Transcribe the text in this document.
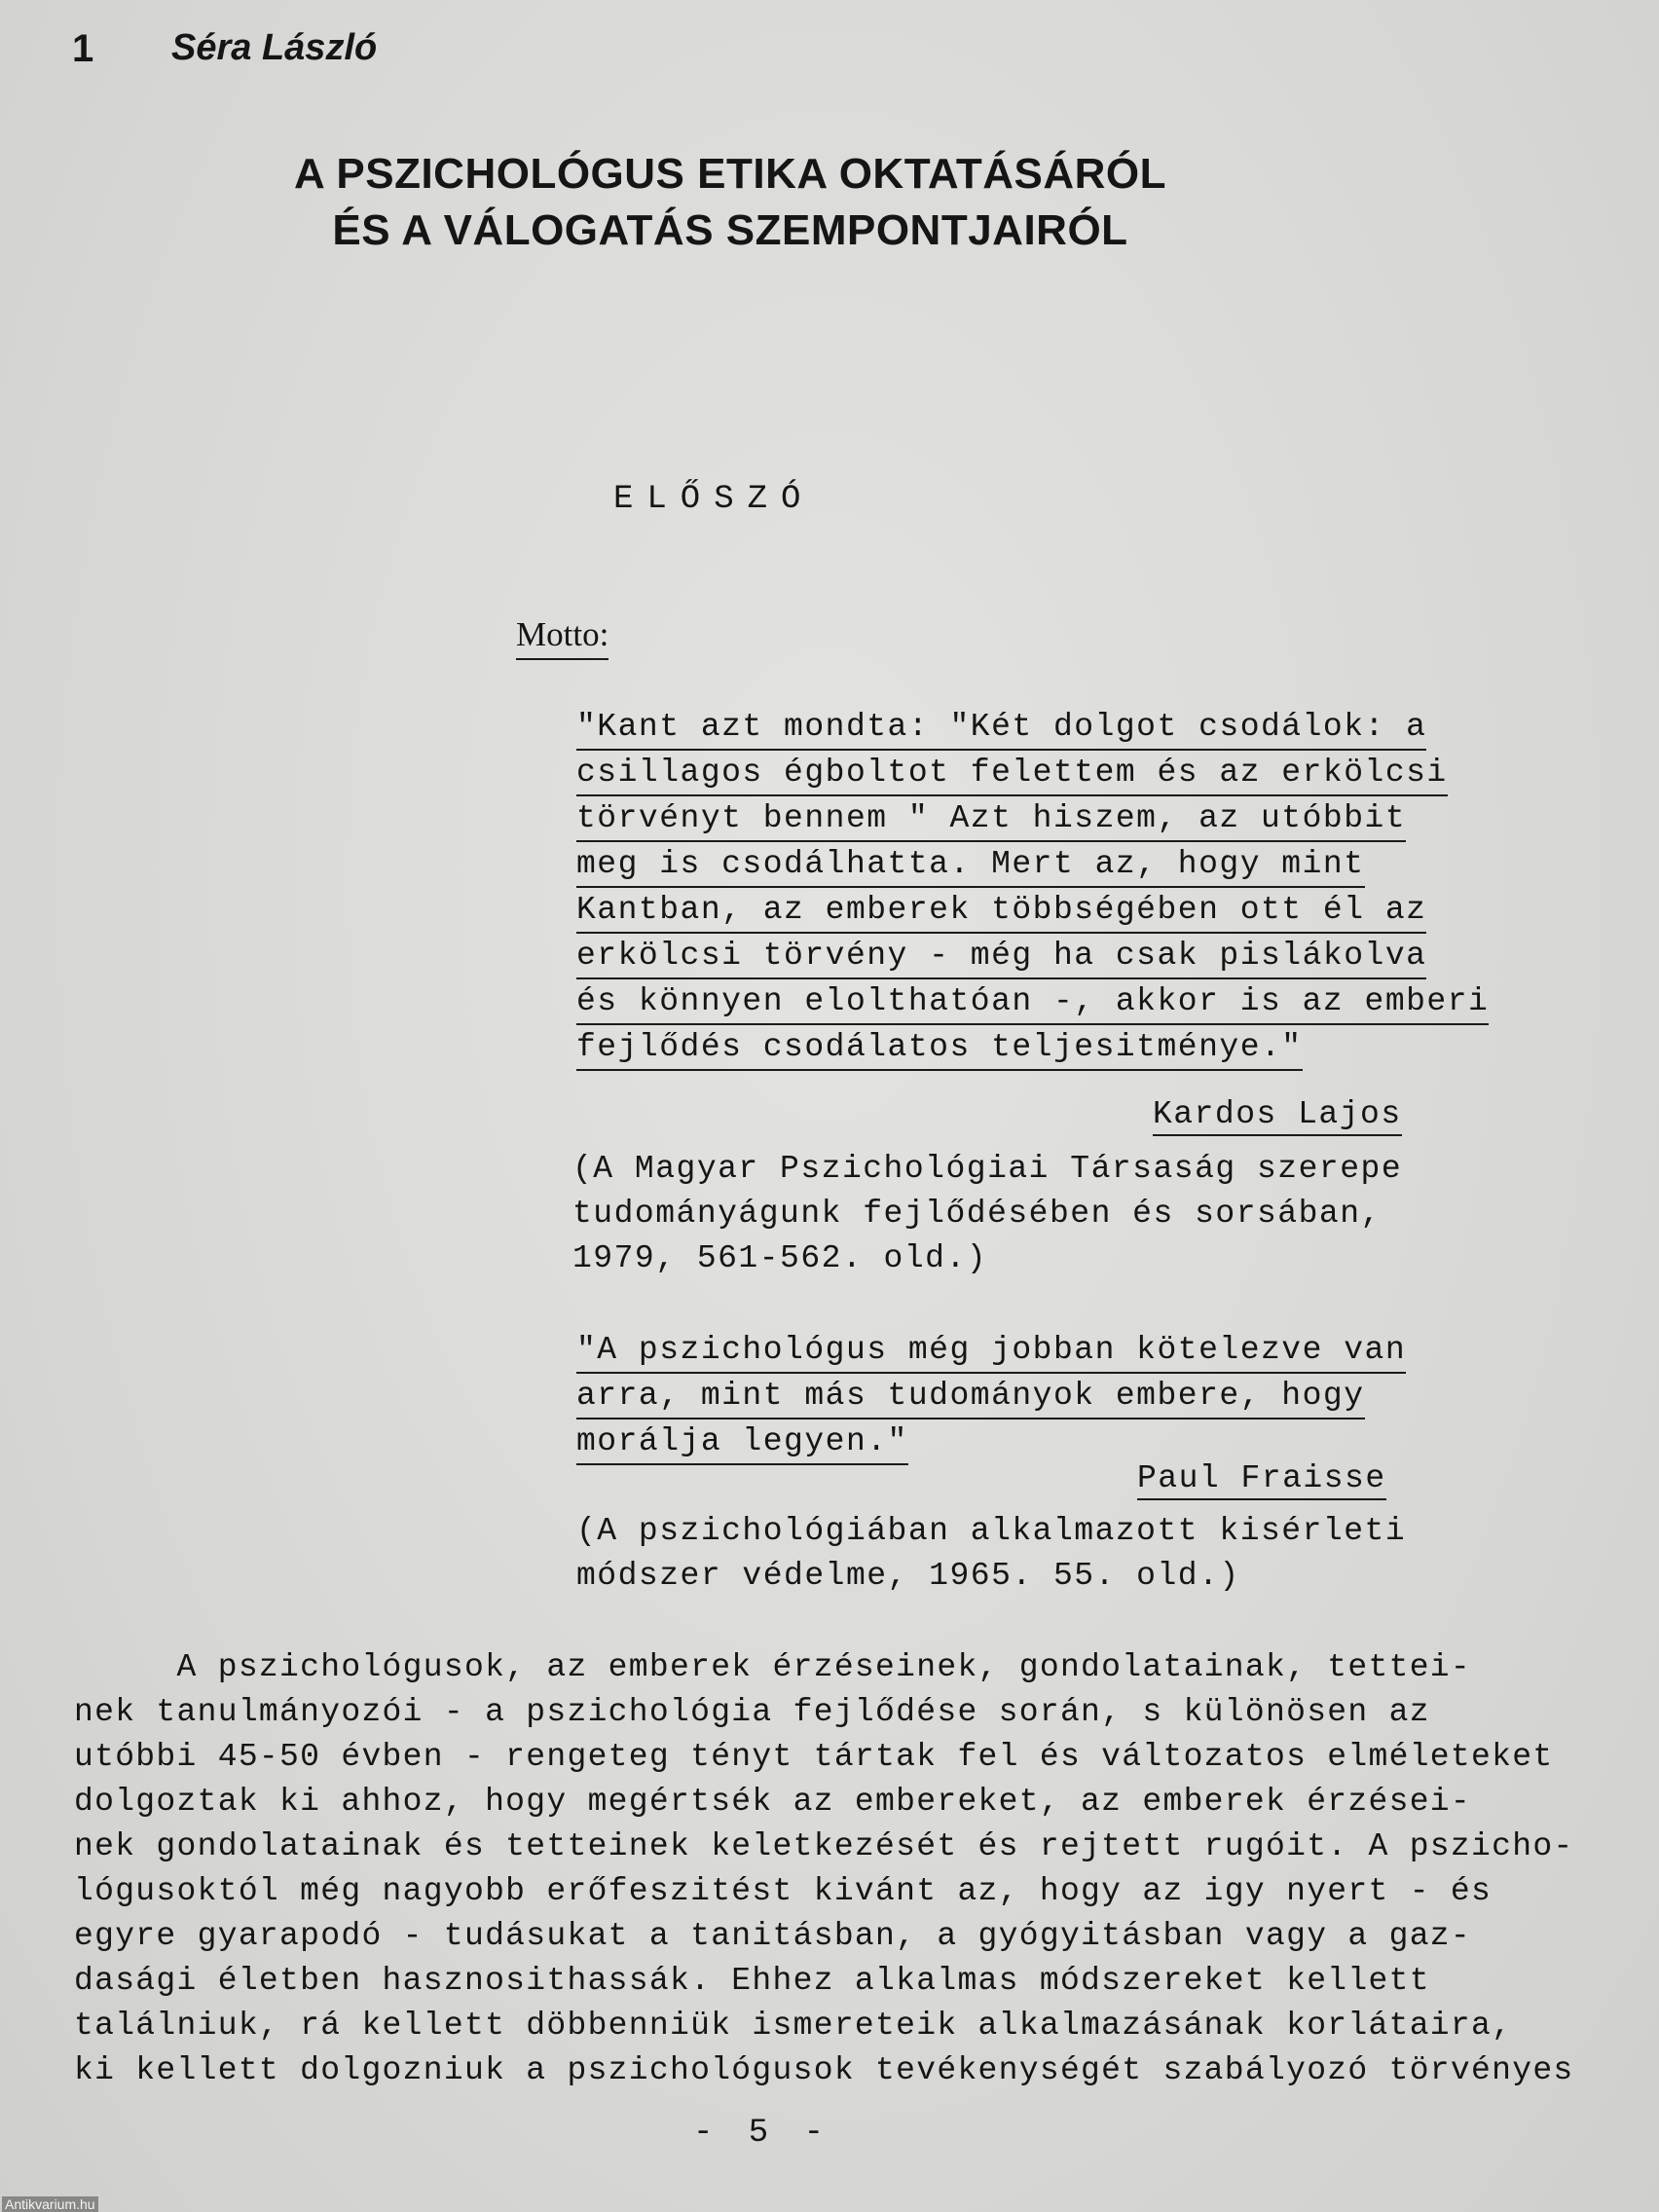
1 Séra László
A PSZICHOLÓGUS ETIKA OKTATÁSÁRÓL
ÉS A VÁLOGATÁS SZEMPONTJAIRÓL
ELŐSZÓ
Motto:
"Kant azt mondta: "Két dolgot csodálok: a
csillagos égboltot felettem és az erkölcsi
törvényt bennem " Azt hiszem, az utóbbit
meg is csodálhatta. Mert az, hogy mint
Kantban, az emberek többségében ott él az
erkölcsi törvény - még ha csak pislákolva
és könnyen elolthatóan -, akkor is az emberi
fejlődés csodálatos teljesitménye."
Kardos Lajos
(A Magyar Pszichológiai Társaság szerepe
tudományágunk fejlődésében és sorsában,
1979, 561-562. old.)
"A pszichológus még jobban kötelezve van
arra, mint más tudományok embere, hogy
morálja legyen."
Paul Fraisse
(A pszichológiában alkalmazott kisérleti
módszer védelme, 1965. 55. old.)
A pszichológusok, az emberek érzéseinek, gondolatainak, tettei-
nek tanulmányozói - a pszichológia fejlődése során, s különösen az
utóbbi 45-50 évben - rengeteg tényt tártak fel és változatos elméleteket
dolgoztak ki ahhoz, hogy megértsék az embereket, az emberek érzései-
nek gondolatainak és tetteinek keletkezését és rejtett rugóit. A pszicho-
lógusoktól még nagyobb erőfeszitést kivánt az, hogy az igy nyert - és
egyre gyarapodó - tudásukat a tanitásban, a gyógyitásban vagy a gaz-
dasági életben hasznosithassák. Ehhez alkalmas módszereket kellett
találniuk, rá kellett döbbenniük ismereteik alkalmazásának korlátaira,
ki kellett dolgozniuk a pszichológusok tevékenységét szabályozó törvényes
- 5 -
Antikvarium.hu
